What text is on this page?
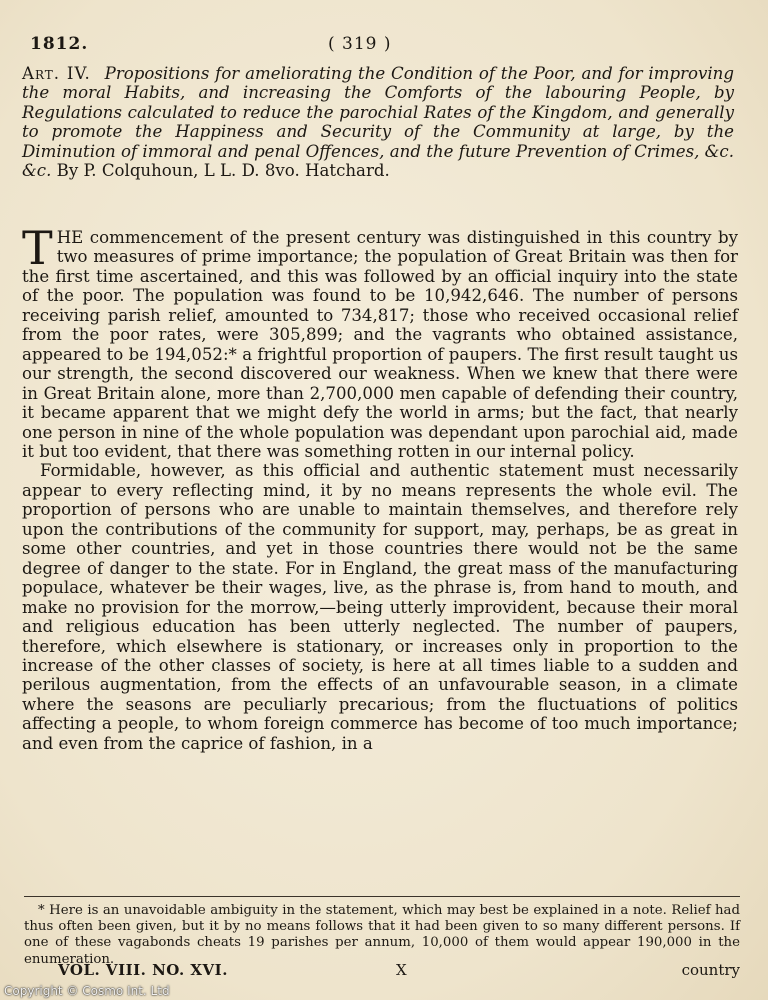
1812.	( 319 )
Art. IV. Propositions for ameliorating the Condition of the Poor, and for improving the moral Habits, and increasing the Comforts of the labouring People, by Regulations calculated to reduce the parochial Rates of the Kingdom, and generally to promote the Happiness and Security of the Community at large, by the Diminution of immoral and penal Offences, and the future Prevention of Crimes, &c. &c. By P. Colquhoun, L L. D. 8vo. Hatchard.

THE commencement of the present century was distinguished in this country by two measures of prime importance; the population of Great Britain was then for the first time ascertained, and this was followed by an official inquiry into the state of the poor. The population was found to be 10,942,646. The number of persons receiving parish relief, amounted to 734,817; those who received occasional relief from the poor rates, were 305,899; and the vagrants who obtained assistance, appeared to be 194,052:* a frightful proportion of paupers. The first result taught us our strength, the second discovered our weakness. When we knew that there were in Great Britain alone, more than 2,700,000 men capable of defending their country, it became apparent that we might defy the world in arms; but the fact, that nearly one person in nine of the whole population was dependant upon parochial aid, made it but too evident, that there was something rotten in our internal policy.

Formidable, however, as this official and authentic statement must necessarily appear to every reflecting mind, it by no means represents the whole evil. The proportion of persons who are unable to maintain themselves, and therefore rely upon the contributions of the community for support, may, perhaps, be as great in some other countries, and yet in those countries there would not be the same degree of danger to the state. For in England, the great mass of the manufacturing populace, whatever be their wages, live, as the phrase is, from hand to mouth, and make no provision for the morrow,—being utterly improvident, because their moral and religious education has been utterly neglected. The number of paupers, therefore, which elsewhere is stationary, or increases only in proportion to the increase of the other classes of society, is here at all times liable to a sudden and perilous augmentation, from the effects of an unfavourable season, in a climate where the seasons are peculiarly precarious; from the fluctuations of politics affecting a people, to whom foreign commerce has become of too much importance; and even from the caprice of fashion, in a

* Here is an unavoidable ambiguity in the statement, which may best be explained in a note. Relief had thus often been given, but it by no means follows that it had been given to so many different persons. If one of these vagabonds cheats 19 parishes per annum, 10,000 of them would appear 190,000 in the enumeration.

VOL. VIII. NO. XVI.	X	country
Copyright © Cosmo Int. Ltd
